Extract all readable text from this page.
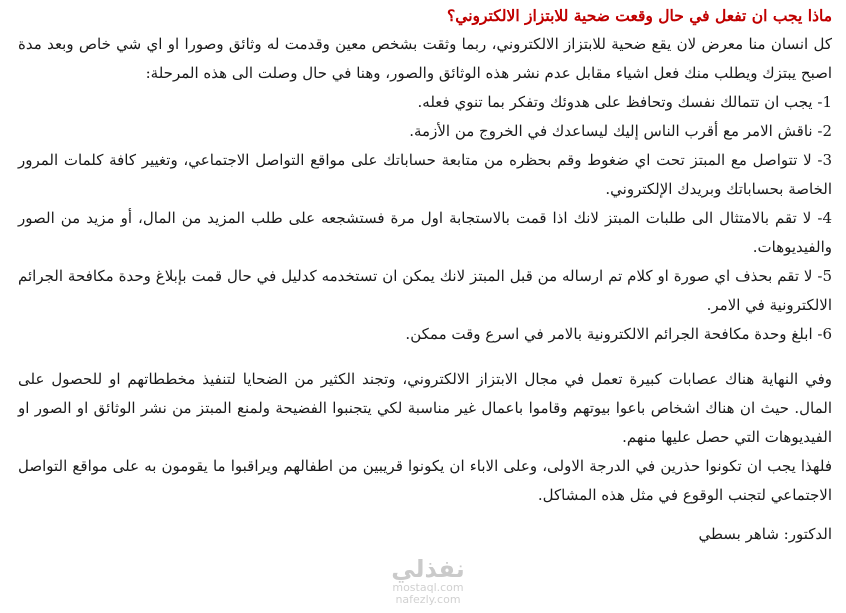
ماذا يجب ان تفعل في حال وقعت ضحية للابتزاز الالكتروني؟

كل انسان منا معرض لان يقع ضحية للابتزاز الالكتروني، ربما وثقت بشخص معين وقدمت له وثائق وصورا او اي شي خاص وبعد مدة اصبح يبتزك ويطلب منك فعل اشياء مقابل عدم نشر هذه الوثائق والصور، وهنا في حال وصلت الى هذه المرحلة:

1- يجب ان تتمالك نفسك وتحافظ على هدوئك وتفكر بما تنوي فعله.
2- ناقش الامر مع أقرب الناس إليك ليساعدك في الخروج من الأزمة.
3- لا تتواصل مع المبتز تحت اي ضغوط وقم بحظره من متابعة حساباتك على مواقع التواصل الاجتماعي، وتغيير كافة كلمات المرور الخاصة بحساباتك وبريدك الإلكتروني.
4- لا تقم بالامتثال الى طلبات المبتز لانك اذا قمت بالاستجابة اول مرة فستشجعه على طلب المزيد من المال، أو مزيد من الصور والفيديوهات.
5- لا تقم بحذف اي صورة او كلام تم ارساله من قبل المبتز لانك يمكن ان تستخدمه كدليل في حال قمت بإبلاغ وحدة مكافحة الجرائم الالكترونية في الامر.
6- ابلغ وحدة مكافحة الجرائم الالكترونية بالامر في اسرع وقت ممكن.

وفي النهاية هناك عصابات كبيرة تعمل في مجال الابتزاز الالكتروني، وتجند الكثير من الضحايا لتنفيذ مخططاتهم او للحصول على المال. حيث ان هناك اشخاص باعوا بيوتهم وقاموا باعمال غير مناسبة لكي يتجنبوا الفضيحة ولمنع المبتز من نشر الوثائق او الصور او الفيديوهات التي حصل عليها منهم.

فلهذا يجب ان تكونوا حذرين في الدرجة الاولى، وعلى الاباء ان يكونوا قريبين من اطفالهم ويراقبوا ما يقومون به على مواقع التواصل الاجتماعي لتجنب الوقوع في مثل هذه المشاكل.

الدكتور: شاهر بسطي

نفذلي
mostaql.com
nafezly.com
